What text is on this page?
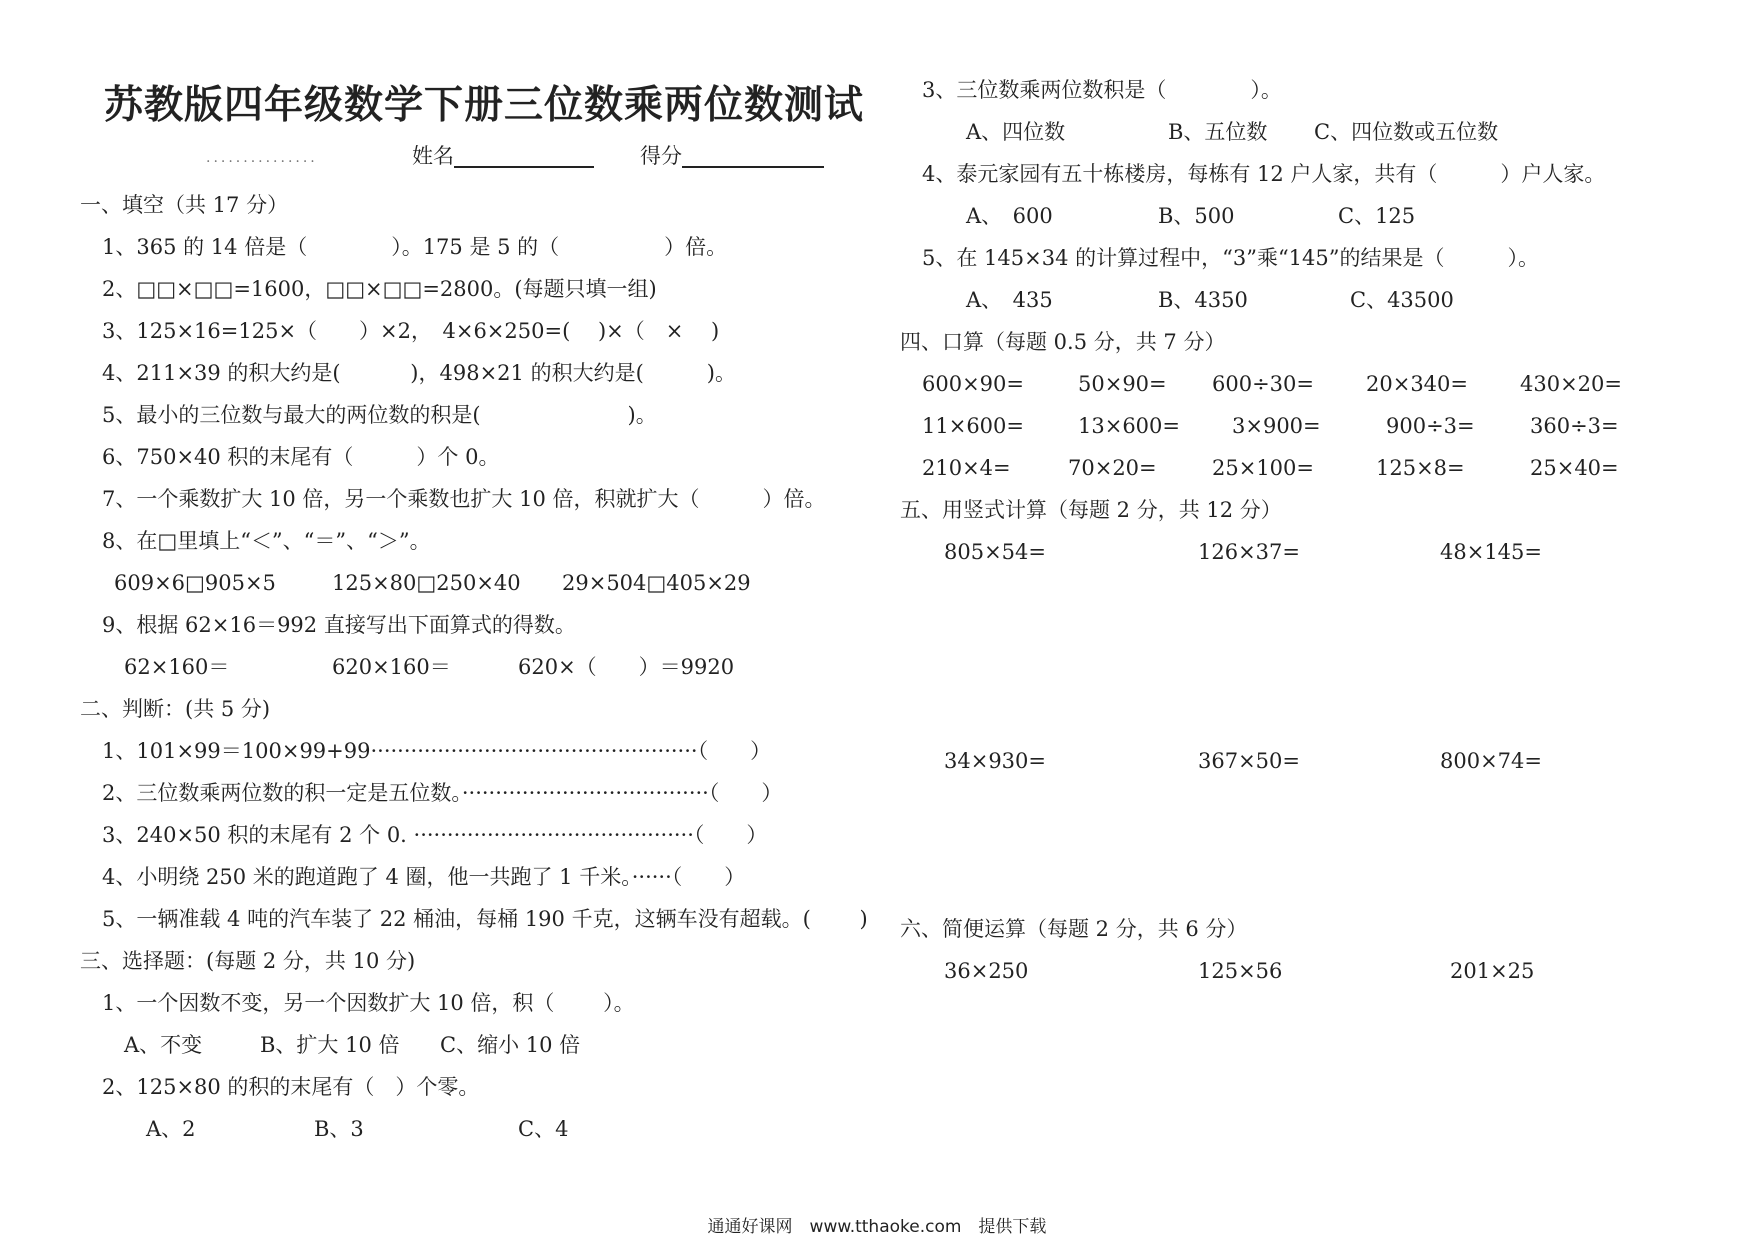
苏教版四年级数学下册三位数乘两位数测试
...............	姓名	得分
一、填空（共 17 分）
1、365 的 14 倍是（　　　　）。175 是 5 的（　　　　　）倍。
2、□□×□□=1600，□□×□□=2800。(每题只填一组)
3、125×16=125×（　　）×2，　4×6×250=(　 )×（　×　 )
4、211×39 的积大约是(　　　 )，498×21 的积大约是(　　　)。
5、最小的三位数与最大的两位数的积是(　　　　　　　)。
6、750×40 积的末尾有（　　　）个 0。
7、一个乘数扩大 10 倍，另一个乘数也扩大 10 倍，积就扩大（　　　）倍。
8、在□里填上“＜”、“＝”、“＞”。
609×6□905×5	125×80□250×40 29×504□405×29
9、根据 62×16＝992 直接写出下面算式的得数。
62×160＝	620×160＝	620×（　　）＝9920
二、判断：(共 5 分)
1、101×99＝100×99+99·················································（　　）
2、三位数乘两位数的积一定是五位数。·····································（　　）
3、240×50 积的末尾有 2 个 0. ··········································（　　）
4、小明绕 250 米的跑道跑了 4 圈，他一共跑了 1 千米。······（　　）
5、一辆准载 4 吨的汽车装了 22 桶油，每桶 190 千克，这辆车没有超载。(　　 )
三、选择题：(每题 2 分，共 10 分)
1、一个因数不变，另一个因数扩大 10 倍，积（　　 ）。
A、不变	B、扩大 10 倍 C、缩小 10 倍
2、125×80 的积的末尾有（　）个零。
A、2	B、3	C、4
3、三位数乘两位数积是（　　　　）。
A、四位数	B、五位数 C、四位数或五位数
4、泰元家园有五十栋楼房，每栋有 12 户人家，共有（　　　）户人家。
A、　600	B、500	C、125
5、在 145×34 的计算过程中，“3”乘“145”的结果是（　　　）。
A、　435	B、4350	C、43500
四、口算（每题 0.5 分，共 7 分）
600×90=	50×90= 600÷30= 20×340= 430×20=
11×600=	13×600= 3×900=	900÷3=	360÷3=
210×4=	70×20=	25×100=	125×8=	25×40=
五、用竖式计算（每题 2 分，共 12 分）
805×54=	126×37=	48×145=
34×930=	367×50=	800×74=
六、简便运算（每题 2 分，共 6 分）
36×250	125×56	201×25
通通好课网　www.tthaoke.com　提供下载
